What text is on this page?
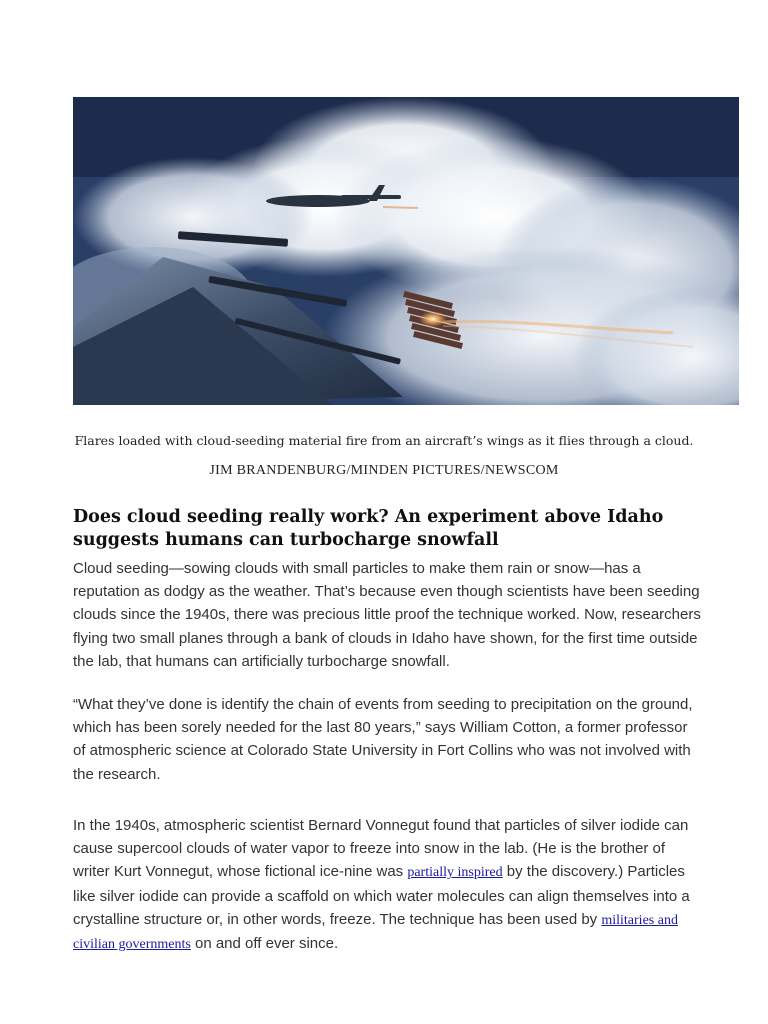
Flares loaded with cloud-seeding material fire from an aircraft’s wings as it flies through a cloud.

JIM BRANDENBURG/MINDEN PICTURES/NEWSCOM

Does cloud seeding really work? An experiment above Idaho suggests humans can turbocharge snowfall

Cloud seeding—sowing clouds with small particles to make them rain or snow—has a reputation as dodgy as the weather. That’s because even though scientists have been seeding clouds since the 1940s, there was precious little proof the technique worked. Now, researchers flying two small planes through a bank of clouds in Idaho have shown, for the first time outside the lab, that humans can artificially turbocharge snowfall.

“What they’ve done is identify the chain of events from seeding to precipitation on the ground, which has been sorely needed for the last 80 years,” says William Cotton, a former professor of atmospheric science at Colorado State University in Fort Collins who was not involved with the research.

In the 1940s, atmospheric scientist Bernard Vonnegut found that particles of silver iodide can cause supercool clouds of water vapor to freeze into snow in the lab. (He is the brother of writer Kurt Vonnegut, whose fictional ice-nine was partially inspired by the discovery.) Particles like silver iodide can provide a scaffold on which water molecules can align themselves into a crystalline structure or, in other words, freeze. The technique has been used by militaries and civilian governments on and off ever since.
